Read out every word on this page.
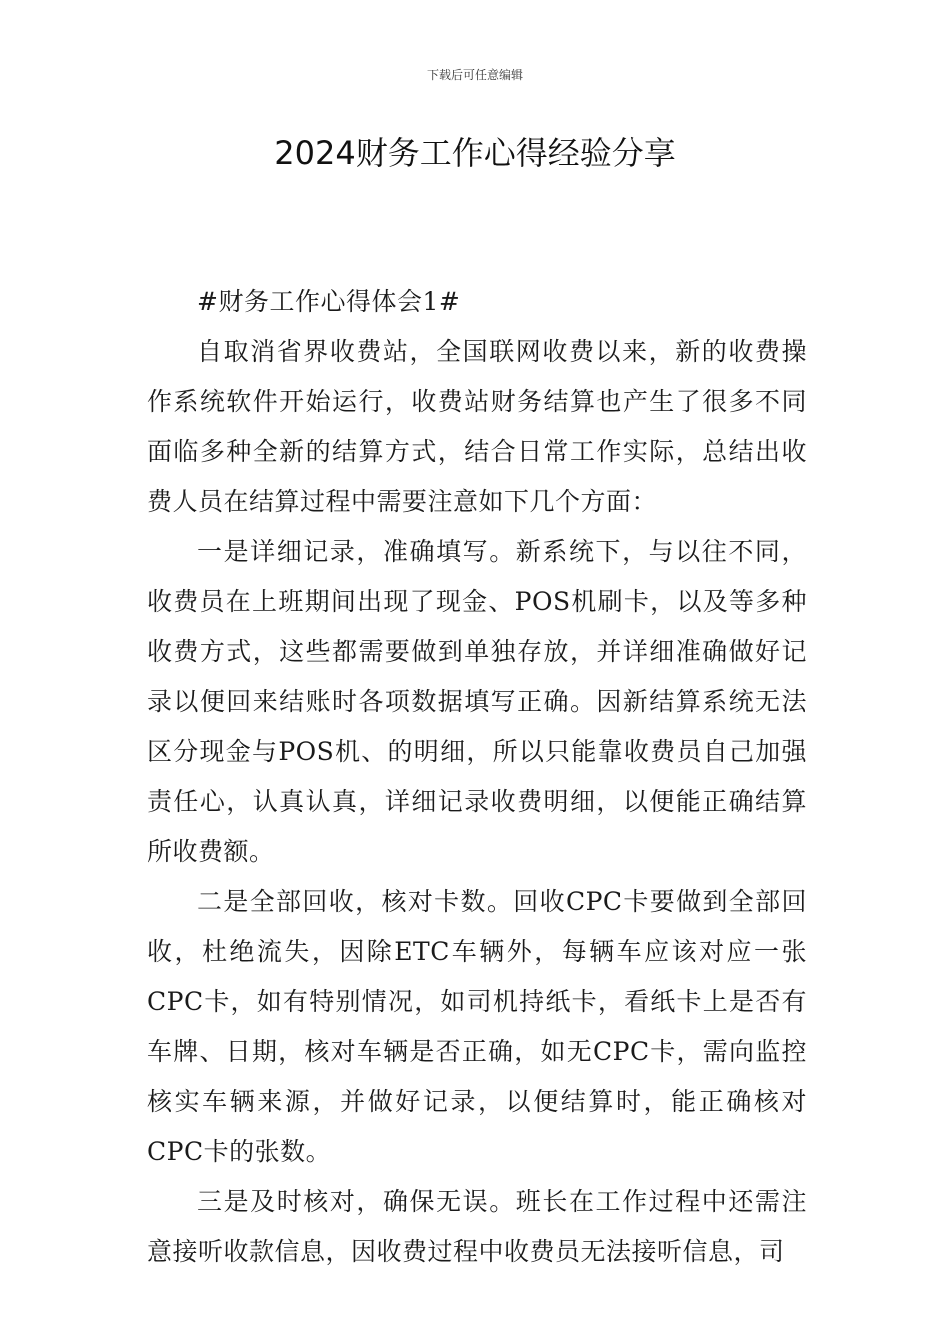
下载后可任意编辑
2024财务工作心得经验分享

#财务工作心得体会1#

自取消省界收费站，全国联网收费以来，新的收费操作系统软件开始运行，收费站财务结算也产生了很多不同面临多种全新的结算方式，结合日常工作实际，总结出收费人员在结算过程中需要注意如下几个方面：

一是详细记录，准确填写。新系统下，与以往不同，收费员在上班期间出现了现金、POS机刷卡，以及等多种收费方式，这些都需要做到单独存放，并详细准确做好记录以便回来结账时各项数据填写正确。因新结算系统无法区分现金与POS机、的明细，所以只能靠收费员自己加强责任心，认真认真，详细记录收费明细，以便能正确结算所收费额。

二是全部回收，核对卡数。回收CPC卡要做到全部回收，杜绝流失，因除ETC车辆外，每辆车应该对应一张CPC卡，如有特别情况，如司机持纸卡，看纸卡上是否有车牌、日期，核对车辆是否正确，如无CPC卡，需向监控核实车辆来源，并做好记录，以便结算时，能正确核对CPC卡的张数。

三是及时核对，确保无误。班长在工作过程中还需注意接听收款信息，因收费过程中收费员无法接听信息，司
